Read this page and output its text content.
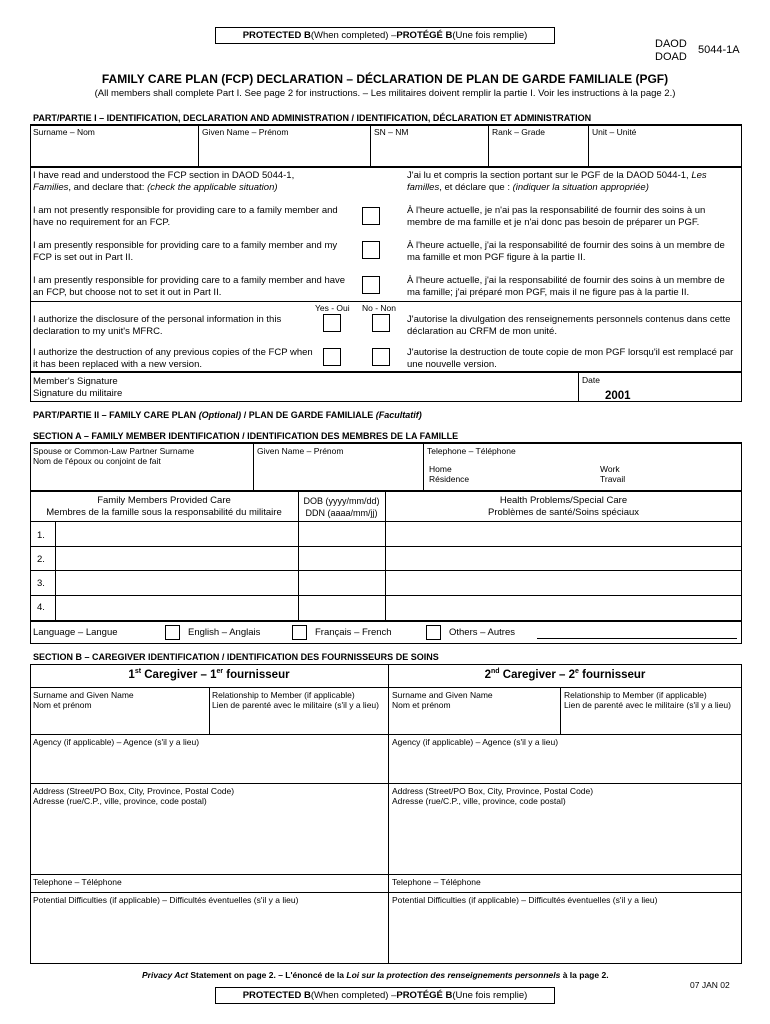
PROTECTED B (When completed) – PROTÉGÉ B (Une fois remplie)
DAOD
DOAD
5044-1A
FAMILY CARE PLAN (FCP) DECLARATION – DÉCLARATION DE PLAN DE GARDE FAMILIALE (PGF)
(All members shall complete Part I. See page 2 for instructions. – Les militaires doivent remplir la partie I. Voir les instructions à la page 2.)
PART/PARTIE I – IDENTIFICATION, DECLARATION AND ADMINISTRATION / IDENTIFICATION, DÉCLARATION ET ADMINISTRATION
Surname – Nom	Given Name – Prénom	SN – NM	Rank – Grade	Unit – Unité
I have read and understood the FCP section in DAOD 5044-1,
Families, and declare that: (check the applicable situation)
J'ai lu et compris la section portant sur le PGF de la DAOD 5044-1, Les
familles, et déclare que : (indiquer la situation appropriée)
I am not presently responsible for providing care to a family member and have no requirement for an FCP.
À l'heure actuelle, je n'ai pas la responsabilité de fournir des soins à un membre de ma famille et je n'ai donc pas besoin de préparer un PGF.
I am presently responsible for providing care to a family member and my FCP is set out in Part II.
À l'heure actuelle, j'ai la responsabilité de fournir des soins à un membre de ma famille et mon PGF figure à la partie II.
I am presently responsible for providing care to a family member and have an FCP, but choose not to set it out in Part II.
À l'heure actuelle, j'ai la responsabilité de fournir des soins à un membre de ma famille; j'ai préparé mon PGF, mais il ne figure pas à la partie II.
Yes - Oui No - Non
I authorize the disclosure of the personal information in this declaration to my unit's MFRC.
J'autorise la divulgation des renseignements personnels contenus dans cette déclaration au CRFM de mon unité.
I authorize the destruction of any previous copies of the FCP when it has been replaced with a new version.
J'autorise la destruction de toute copie de mon PGF lorsqu'il est remplacé par une nouvelle version.
Member's Signature
Signature du militaire
Date
2001
PART/PARTIE II – FAMILY CARE PLAN (Optional) / PLAN DE GARDE FAMILIALE (Facultatif)
SECTION A – FAMILY MEMBER IDENTIFICATION / IDENTIFICATION DES MEMBRES DE LA FAMILLE
Spouse or Common-Law Partner Surname
Nom de l'époux ou conjoint de fait
Given Name – Prénom	Telephone – Téléphone
Home
Résidence
Work
Travail
Family Members Provided Care
Membres de la famille sous la responsabilité du militaire
DOB (yyyy/mm/dd)
DDN (aaaa/mm/jj)
Health Problems/Special Care
Problèmes de santé/Soins spéciaux
1.
2.
3.
4.
Language – Langue	English – Anglais	Français – French	Others – Autres
SECTION B – CAREGIVER IDENTIFICATION / IDENTIFICATION DES FOURNISSEURS DE SOINS
1st Caregiver – 1er fournisseur	2nd Caregiver – 2e fournisseur
Surname and Given Name
Nom et prénom
Relationship to Member (if applicable)
Lien de parenté avec le militaire (s'il y a lieu)
Agency (if applicable) – Agence (s'il y a lieu)
Address (Street/PO Box, City, Province, Postal Code)
Adresse (rue/C.P., ville, province, code postal)
Telephone – Téléphone
Potential Difficulties (if applicable) – Difficultés éventuelles (s'il y a lieu)
Surname and Given Name
Nom et prénom
Relationship to Member (if applicable)
Lien de parenté avec le militaire (s'il y a lieu)
Agency (if applicable) – Agence (s'il y a lieu)
Address (Street/PO Box, City, Province, Postal Code)
Adresse (rue/C.P., ville, province, code postal)
Telephone – Téléphone
Potential Difficulties (if applicable) – Difficultés éventuelles (s'il y a lieu)
Privacy Act Statement on page 2. – L'énoncé de la Loi sur la protection des renseignements personnels à la page 2.
07 JAN 02
PROTECTED B (When completed) – PROTÉGÉ B (Une fois remplie)
